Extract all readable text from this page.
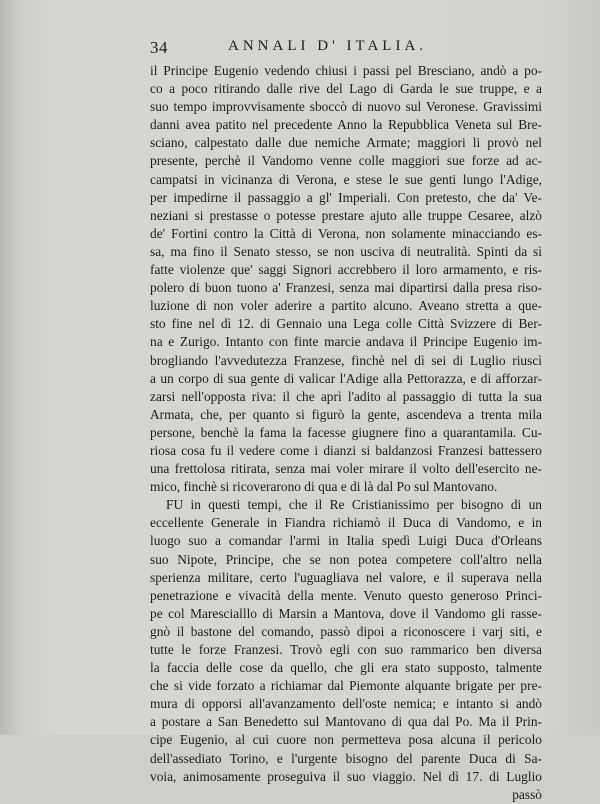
34	ANNALI D' ITALIA.
il Principe Eugenio vedendo chiusi i passi pel Bresciano, andò a po-
co a poco ritirando dalle rive del Lago di Garda le sue truppe, e a
suo tempo improvvisamente sboccò di nuovo sul Veronese. Gravissimi
danni avea patito nel precedente Anno la Repubblica Veneta sul Bre-
sciano, calpestato dalle due nemiche Armate; maggiori li provò nel
presente, perchè il Vandomo venne colle maggiori sue forze ad ac-
campatsi in vicinanza di Verona, e stese le sue genti lungo l'Adige,
per impedirne il passaggio a gl' Imperiali. Con pretesto, che da' Ve-
neziani si prestasse o potesse prestare ajuto alle truppe Cesaree, alzò
de' Fortini contro la Città di Verona, non solamente minacciando es-
sa, ma fino il Senato stesso, se non usciva di neutralità. Spinti da sì
fatte violenze que' saggi Signori accrebbero il loro armamento, e ris-
polero di buon tuono a' Franzesi, senza mai dipartirsi dalla presa riso-
luzione di non voler aderire a partito alcuno. Aveano stretta a que-
sto fine nel dì 12. di Gennaio una Lega colle Città Svizzere di Ber-
na e Zurigo. Intanto con finte marcie andava il Principe Eugenio im-
brogliando l'avvedutezza Franzese, finchè nel dì sei di Luglio riuscì
a un corpo di sua gente di valicar l'Adige alla Pettorazza, e di afforzar-
zarsi nell'opposta riva: il che aprì l'adito al passaggio di tutta la sua
Armata, che, per quanto si figurò la gente, ascendeva a trenta mila
persone, benchè la fama la facesse giugnere fino a quarantamila. Cu-
riosa cosa fu il vedere come i dianzi si baldanzosi Franzesi battessero
una frettolosa ritirata, senza mai voler mirare il volto dell'esercito ne-
mico, finchè si ricoverarono di qua e di là dal Po sul Mantovano.
FU in questi tempi, che il Re Cristianissimo per bisogno di un
eccellente Generale in Fiandra richiamò il Duca di Vandomo, e in
luogo suo a comandar l'armi in Italia spedì Luigi Duca d'Orleans
suo Nipote, Principe, che se non potea competere coll'altro nella
sperienza militare, certo l'uguagliava nel valore, e il superava nella
penetrazione e vivacità della mente. Venuto questo generoso Princi-
pe col Marescialllo di Marsin a Mantova, dove il Vandomo gli rasse-
gnò il bastone del comando, passò dipoi a riconoscere i varj siti, e
tutte le forze Franzesi. Trovò egli con suo rammarico ben diversa
la faccia delle cose da quello, che gli era stato supposto, talmente
che si vide forzato a richiamar dal Piemonte alquante brigate per pre-
mura di opporsi all'avanzamento dell'oste nemica; e intanto si andò
a postare a San Benedetto sul Mantovano di qua dal Po. Ma il Prin-
cipe Eugenio, al cui cuore non permetteva posa alcuna il pericolo
dell'assediato Torino, e l'urgente bisogno del parente Duca di Sa-
voia, animosamente proseguiva il suo viaggio. Nel dì 17. di Luglio
passò
